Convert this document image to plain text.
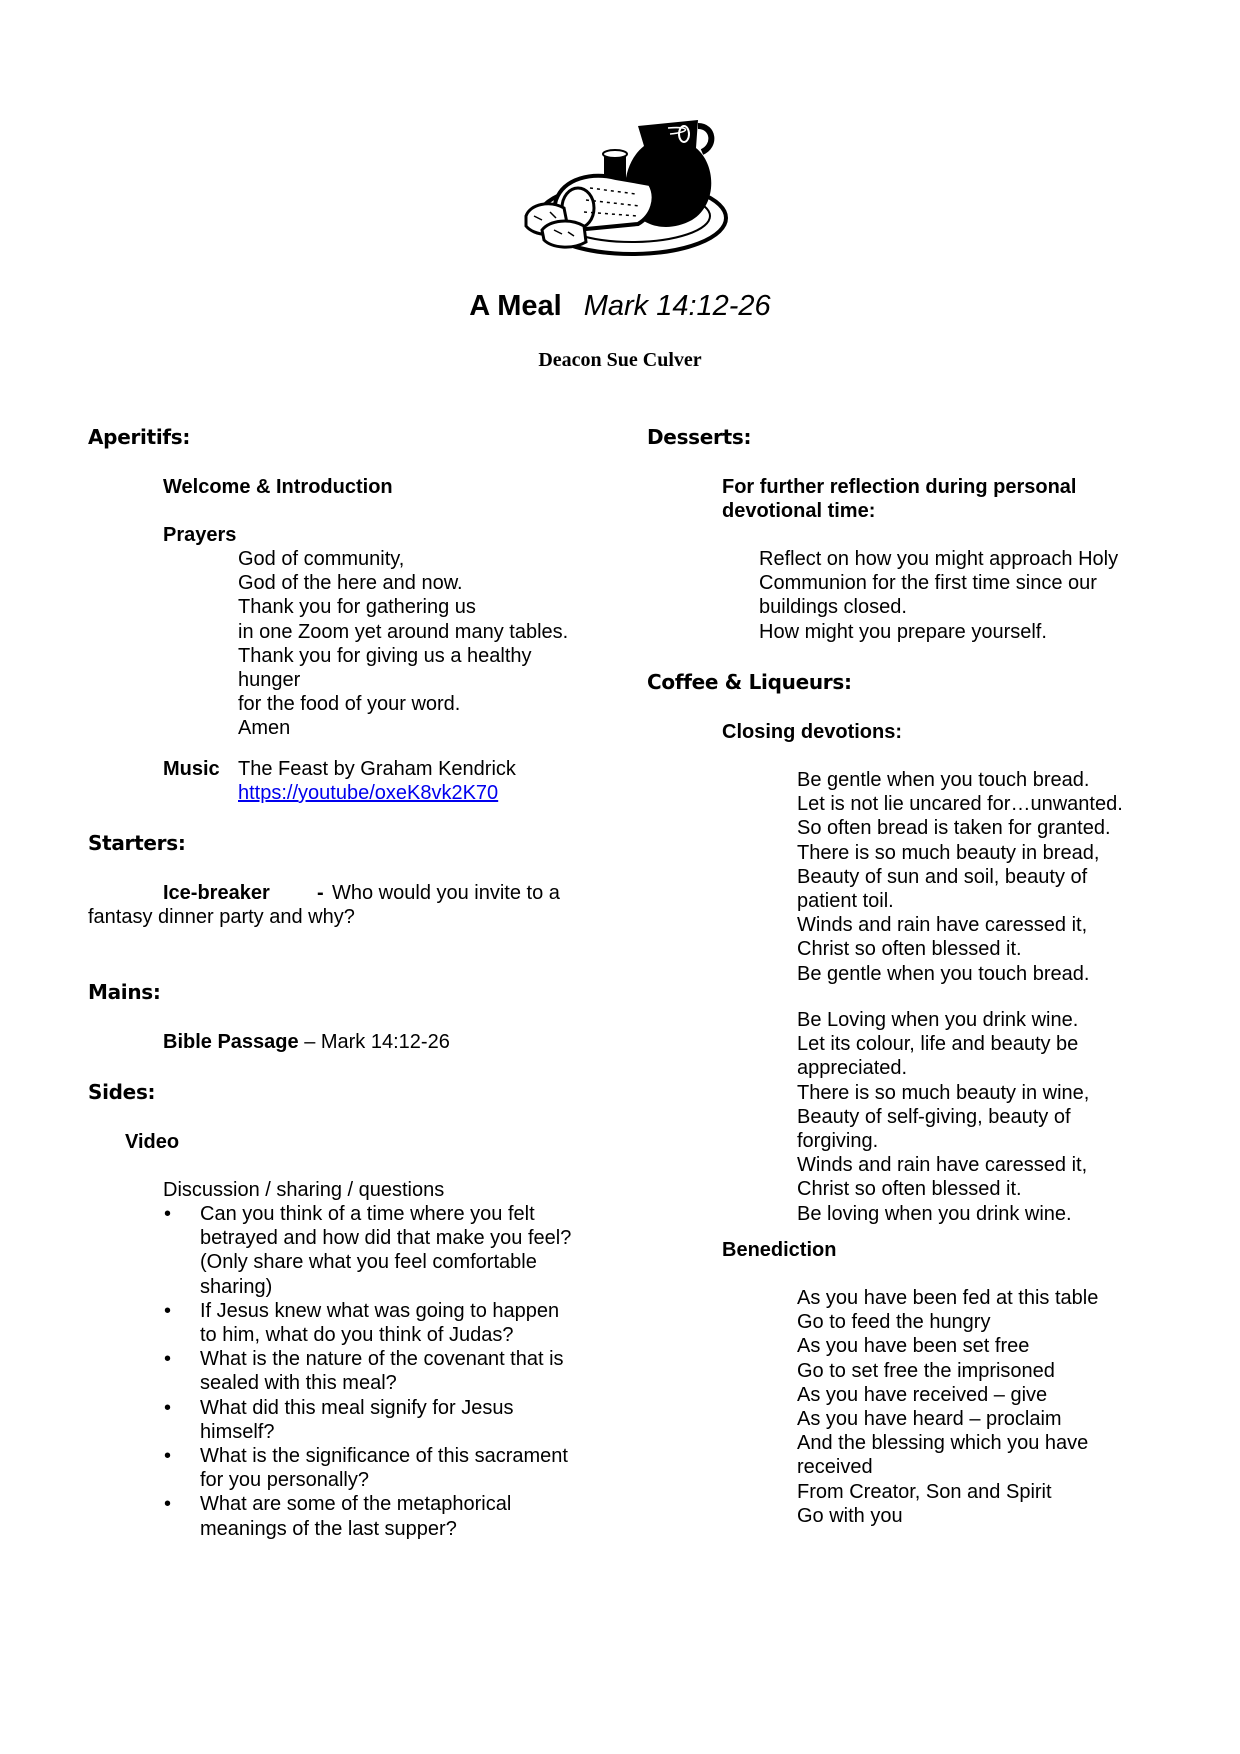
A Meal Mark 14:12-26
Deacon Sue Culver
Aperitifs:
Welcome & Introduction
Prayers
God of community,
God of the here and now.
Thank you for gathering us
in one Zoom yet around many tables.
Thank you for giving us a healthy
hunger
for the food of your word.
Amen
Music The Feast by Graham Kendrick
https://youtube/oxeK8vk2K70
Starters:
Ice-breaker - Who would you invite to a
fantasy dinner party and why?
Mains:
Bible Passage – Mark 14:12-26
Sides:
Video
Discussion / sharing / questions
• Can you think of a time where you felt
betrayed and how did that make you feel?
(Only share what you feel comfortable
sharing)
• If Jesus knew what was going to happen
to him, what do you think of Judas?
• What is the nature of the covenant that is
sealed with this meal?
• What did this meal signify for Jesus
himself?
• What is the significance of this sacrament
for you personally?
• What are some of the metaphorical
meanings of the last supper?
Desserts:
For further reflection during personal
devotional time:
Reflect on how you might approach Holy
Communion for the first time since our
buildings closed.
How might you prepare yourself.
Coffee & Liqueurs:
Closing devotions:
Be gentle when you touch bread.
Let is not lie uncared for…unwanted.
So often bread is taken for granted.
There is so much beauty in bread,
Beauty of sun and soil, beauty of
patient toil.
Winds and rain have caressed it,
Christ so often blessed it.
Be gentle when you touch bread.
Be Loving when you drink wine.
Let its colour, life and beauty be
appreciated.
There is so much beauty in wine,
Beauty of self-giving, beauty of
forgiving.
Winds and rain have caressed it,
Christ so often blessed it.
Be loving when you drink wine.
Benediction
As you have been fed at this table
Go to feed the hungry
As you have been set free
Go to set free the imprisoned
As you have received – give
As you have heard – proclaim
And the blessing which you have
received
From Creator, Son and Spirit
Go with you
